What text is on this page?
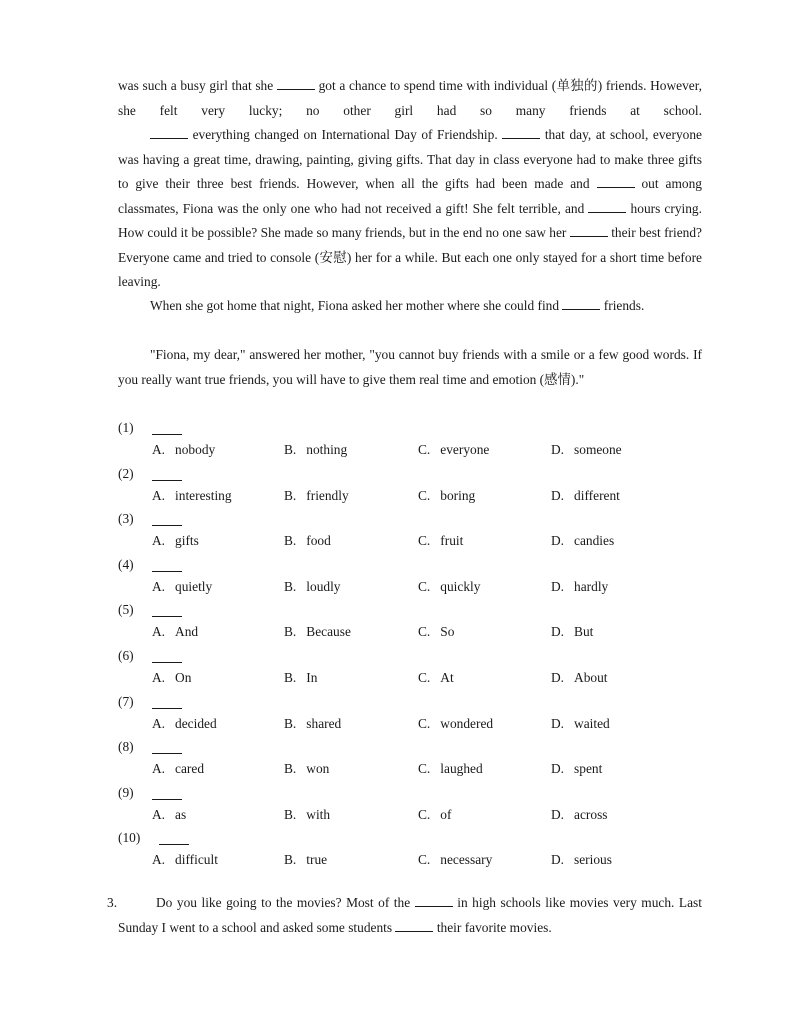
was such a busy girl that she	got a chance to spend time with individual (单独的) friends. However, she felt very lucky; no other girl had so many friends at school.

everything changed on International Day of Friendship.	that day, at school, everyone was having a great time, drawing, painting, giving gifts. That day in class everyone had to make three gifts to give their three best friends. However, when all the gifts had been made and	out among classmates, Fiona was the only one who had not received a gift! She felt terrible, and	hours crying. How could it be possible? She made so many friends, but in the end no one saw her	their best friend? Everyone came and tried to console (安慰) her for a while. But each one only stayed for a short time before leaving.

When she got home that night, Fiona asked her mother where she could find	friends.

"Fiona, my dear," answered her mother, "you cannot buy friends with a smile or a few good words. If you really want true friends, you will have to give them real time and emotion (感情)."

(1)
A. nobody	B. nothing	C. everyone	D. someone
(2)
A. interesting	B. friendly	C. boring	D. different
(3)
A. gifts	B. food	C. fruit	D. candies
(4)
A. quietly	B. loudly	C. quickly	D. hardly
(5)
A. And	B. Because	C. So	D. But
(6)
A. On	B. In	C. At	D. About
(7)
A. decided	B. shared	C. wondered	D. waited
(8)
A. cared	B. won	C. laughed	D. spent
(9)
A. as	B. with	C. of	D. across
(10)
A. difficult	B. true	C. necessary	D. serious
3.	Do you like going to the movies? Most of the	in high schools like movies very much. Last Sunday I went to a school and asked some students	their favorite movies.
